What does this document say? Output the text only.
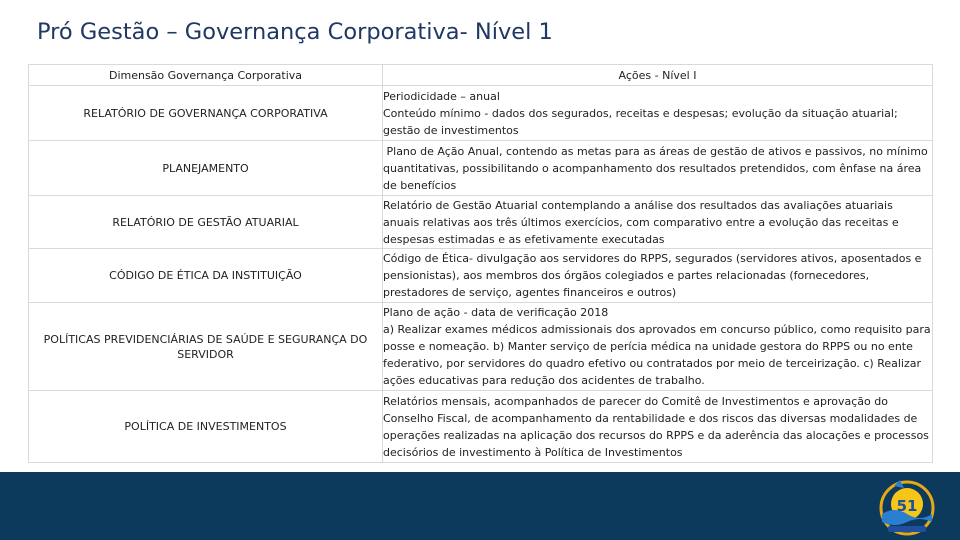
Pró Gestão – Governança Corporativa- Nível 1
Dimensão Governança Corporativa	Ações - Nível I
RELATÓRIO DE GOVERNANÇA CORPORATIVA	Periodicidade – anual
Conteúdo mínimo - dados dos segurados, receitas e despesas; evolução da situação atuarial; gestão de investimentos
PLANEJAMENTO	Plano de Ação Anual, contendo as metas para as áreas de gestão de ativos e passivos, no mínimo quantitativas, possibilitando o acompanhamento dos resultados pretendidos, com ênfase na área de benefícios
RELATÓRIO DE GESTÃO ATUARIAL	Relatório de Gestão Atuarial contemplando a análise dos resultados das avaliações atuariais anuais relativas aos três últimos exercícios, com comparativo entre a evolução das receitas e despesas estimadas e as efetivamente executadas
CÓDIGO DE ÉTICA DA INSTITUIÇÃO	Código de Ética- divulgação aos servidores do RPPS, segurados (servidores ativos, aposentados e pensionistas), aos membros dos órgãos colegiados e partes relacionadas (fornecedores, prestadores de serviço, agentes financeiros e outros)
POLÍTICAS PREVIDENCIÁRIAS DE SAÚDE E SEGURANÇA DO SERVIDOR	Plano de ação - data de verificação 2018
a) Realizar exames médicos admissionais dos aprovados em concurso público, como requisito para posse e nomeação. b) Manter serviço de perícia médica na unidade gestora do RPPS ou no ente federativo, por servidores do quadro efetivo ou contratados por meio de terceirização. c) Realizar ações educativas para redução dos acidentes de trabalho.
POLÍTICA DE INVESTIMENTOS	Relatórios mensais, acompanhados de parecer do Comitê de Investimentos e aprovação do Conselho Fiscal, de acompanhamento da rentabilidade e dos riscos das diversas modalidades de operações realizadas na aplicação dos recursos do RPPS e da aderência das alocações e processos decisórios de investimento à Política de Investimentos
51
